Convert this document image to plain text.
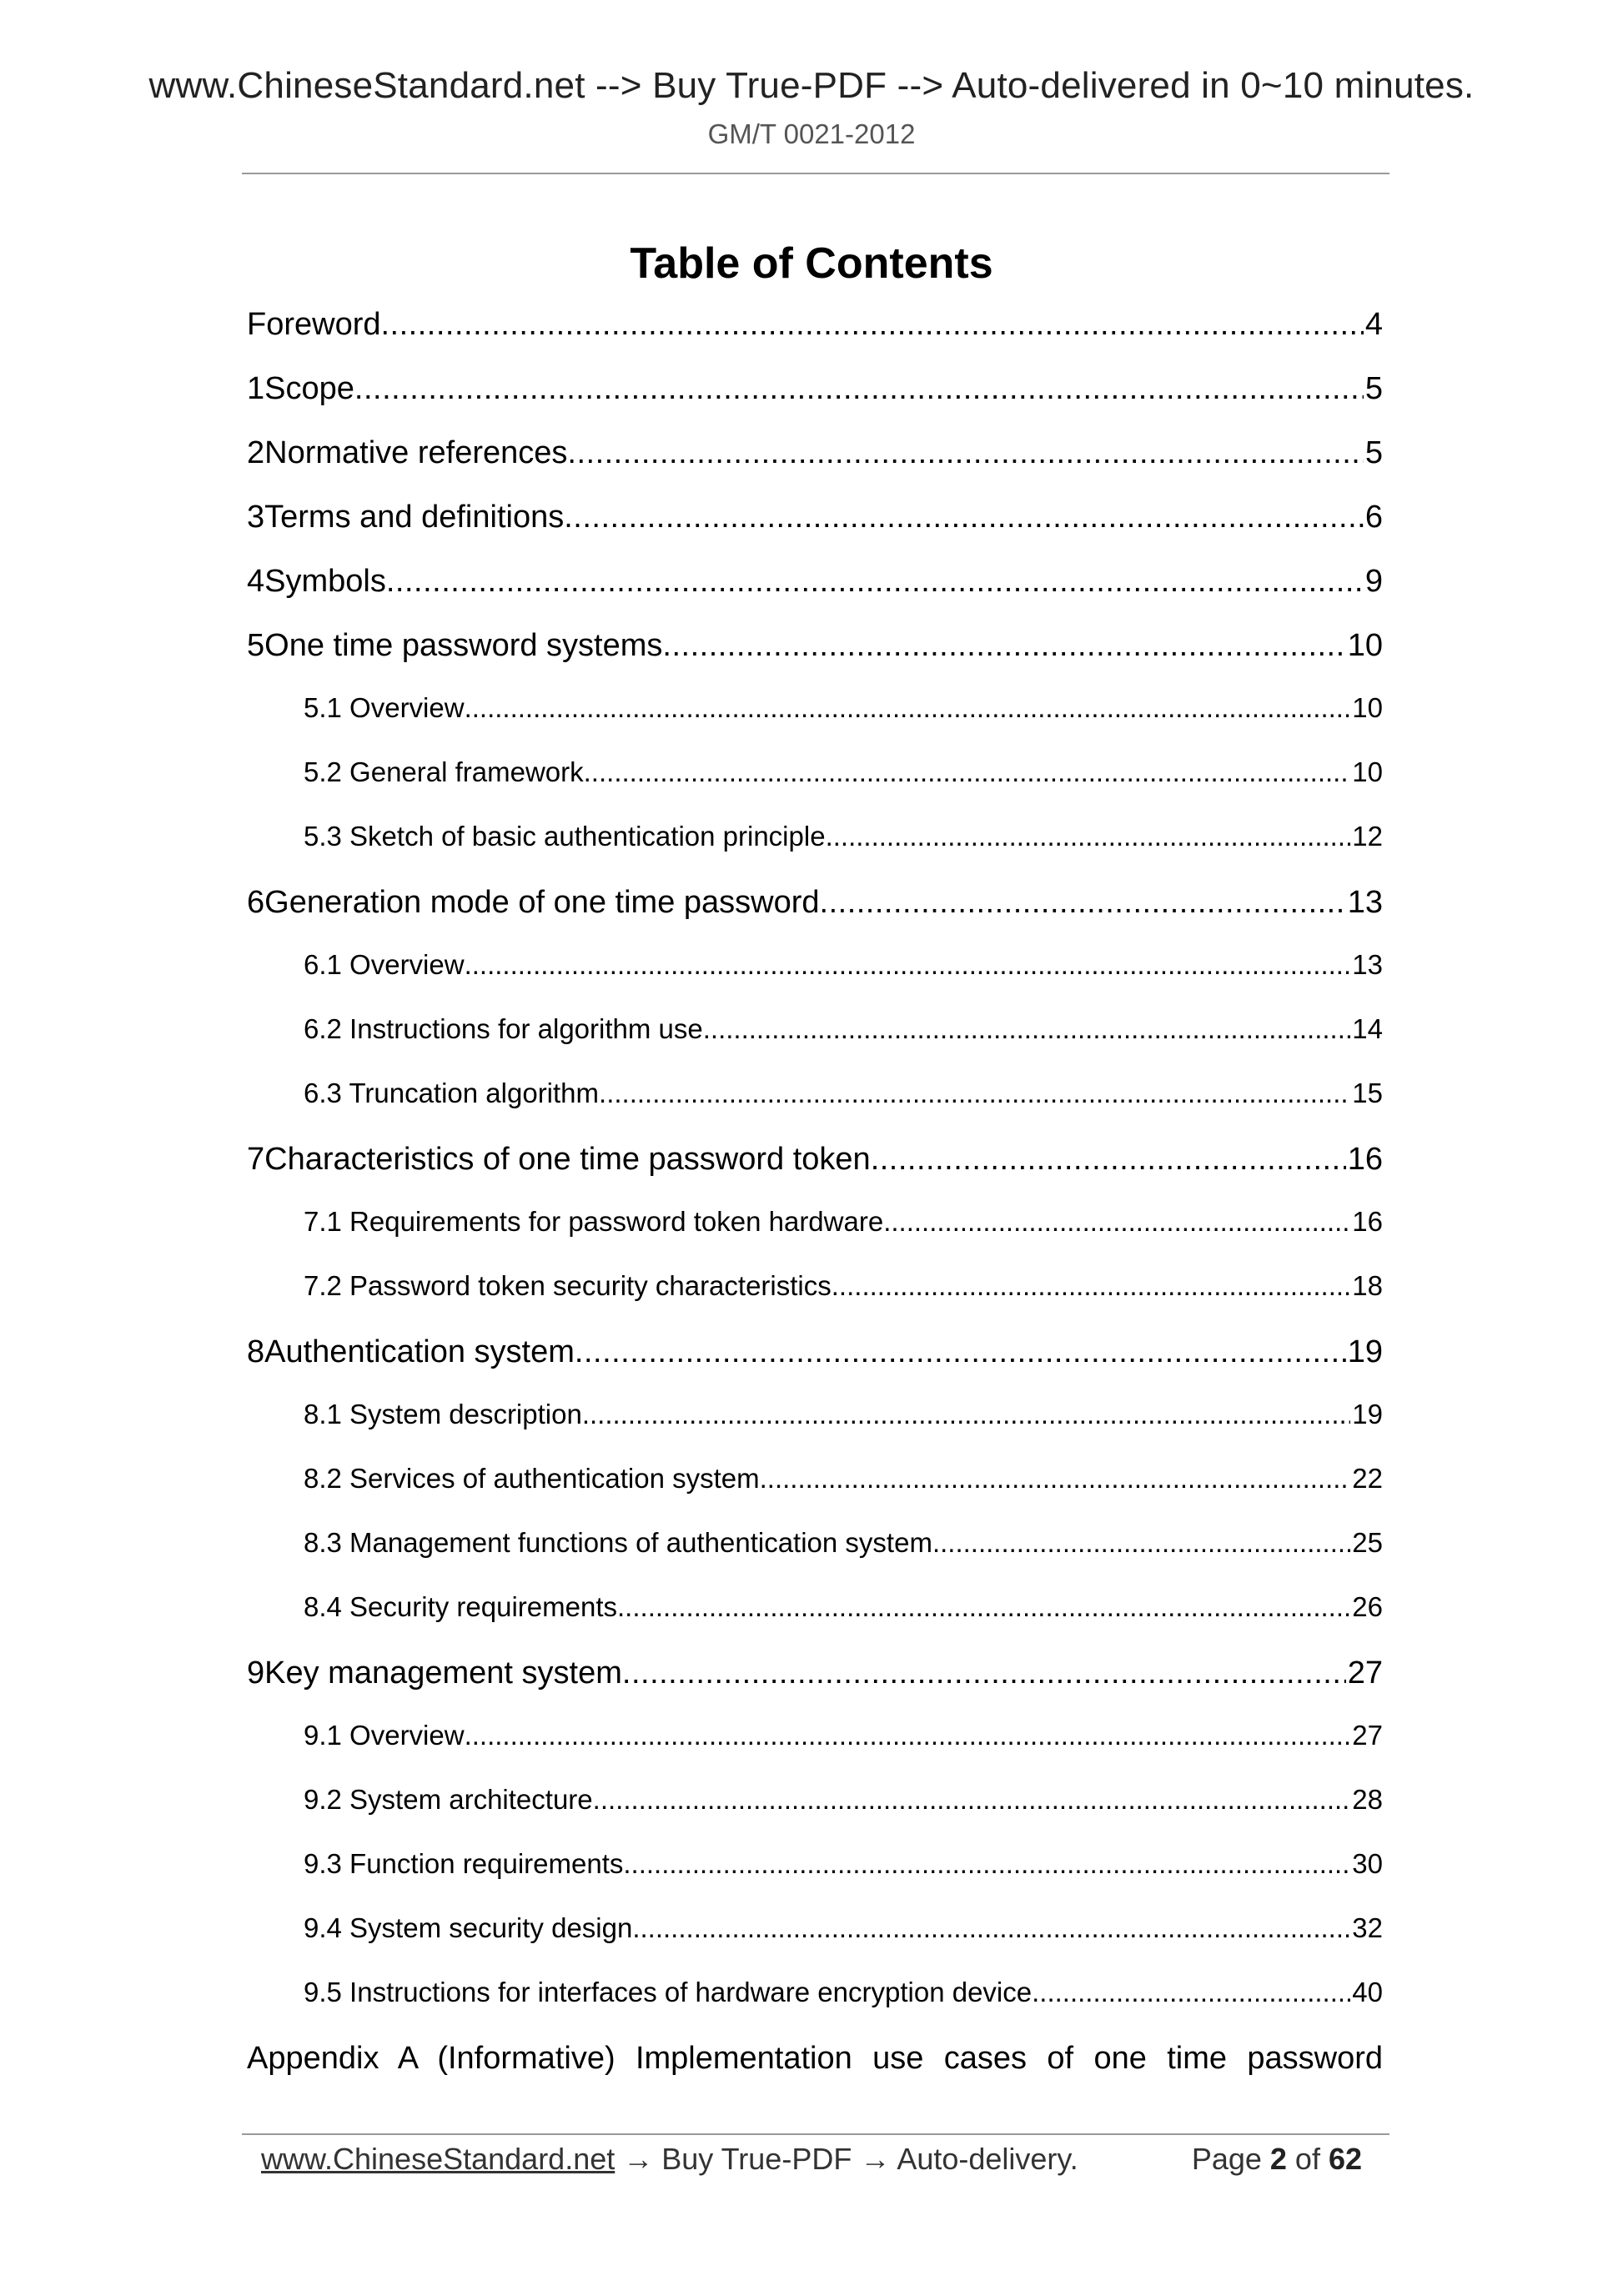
www.ChineseStandard.net --> Buy True-PDF --> Auto-delivered in 0~10 minutes.
GM/T 0021-2012
Table of Contents
Foreword .....	4
1 Scope .....	5
2 Normative references .....	5
3 Terms and definitions .....	6
4 Symbols .....	9
5 One time password systems .....	10
5.1 Overview .....	10
5.2 General framework .....	10
5.3 Sketch of basic authentication principle .....	12
6 Generation mode of one time password .....	13
6.1 Overview .....	13
6.2 Instructions for algorithm use .....	14
6.3 Truncation algorithm .....	15
7 Characteristics of one time password token .....	16
7.1 Requirements for password token hardware .....	16
7.2 Password token security characteristics .....	18
8 Authentication system .....	19
8.1 System description .....	19
8.2 Services of authentication system .....	22
8.3 Management functions of authentication system .....	25
8.4 Security requirements .....	26
9 Key management system .....	27
9.1 Overview .....	27
9.2 System architecture .....	28
9.3 Function requirements .....	30
9.4 System security design .....	32
9.5 Instructions for interfaces of hardware encryption device .....	40
Appendix A (Informative) Implementation use cases of one time password
www.ChineseStandard.net → Buy True-PDF → Auto-delivery.	Page 2 of 62
